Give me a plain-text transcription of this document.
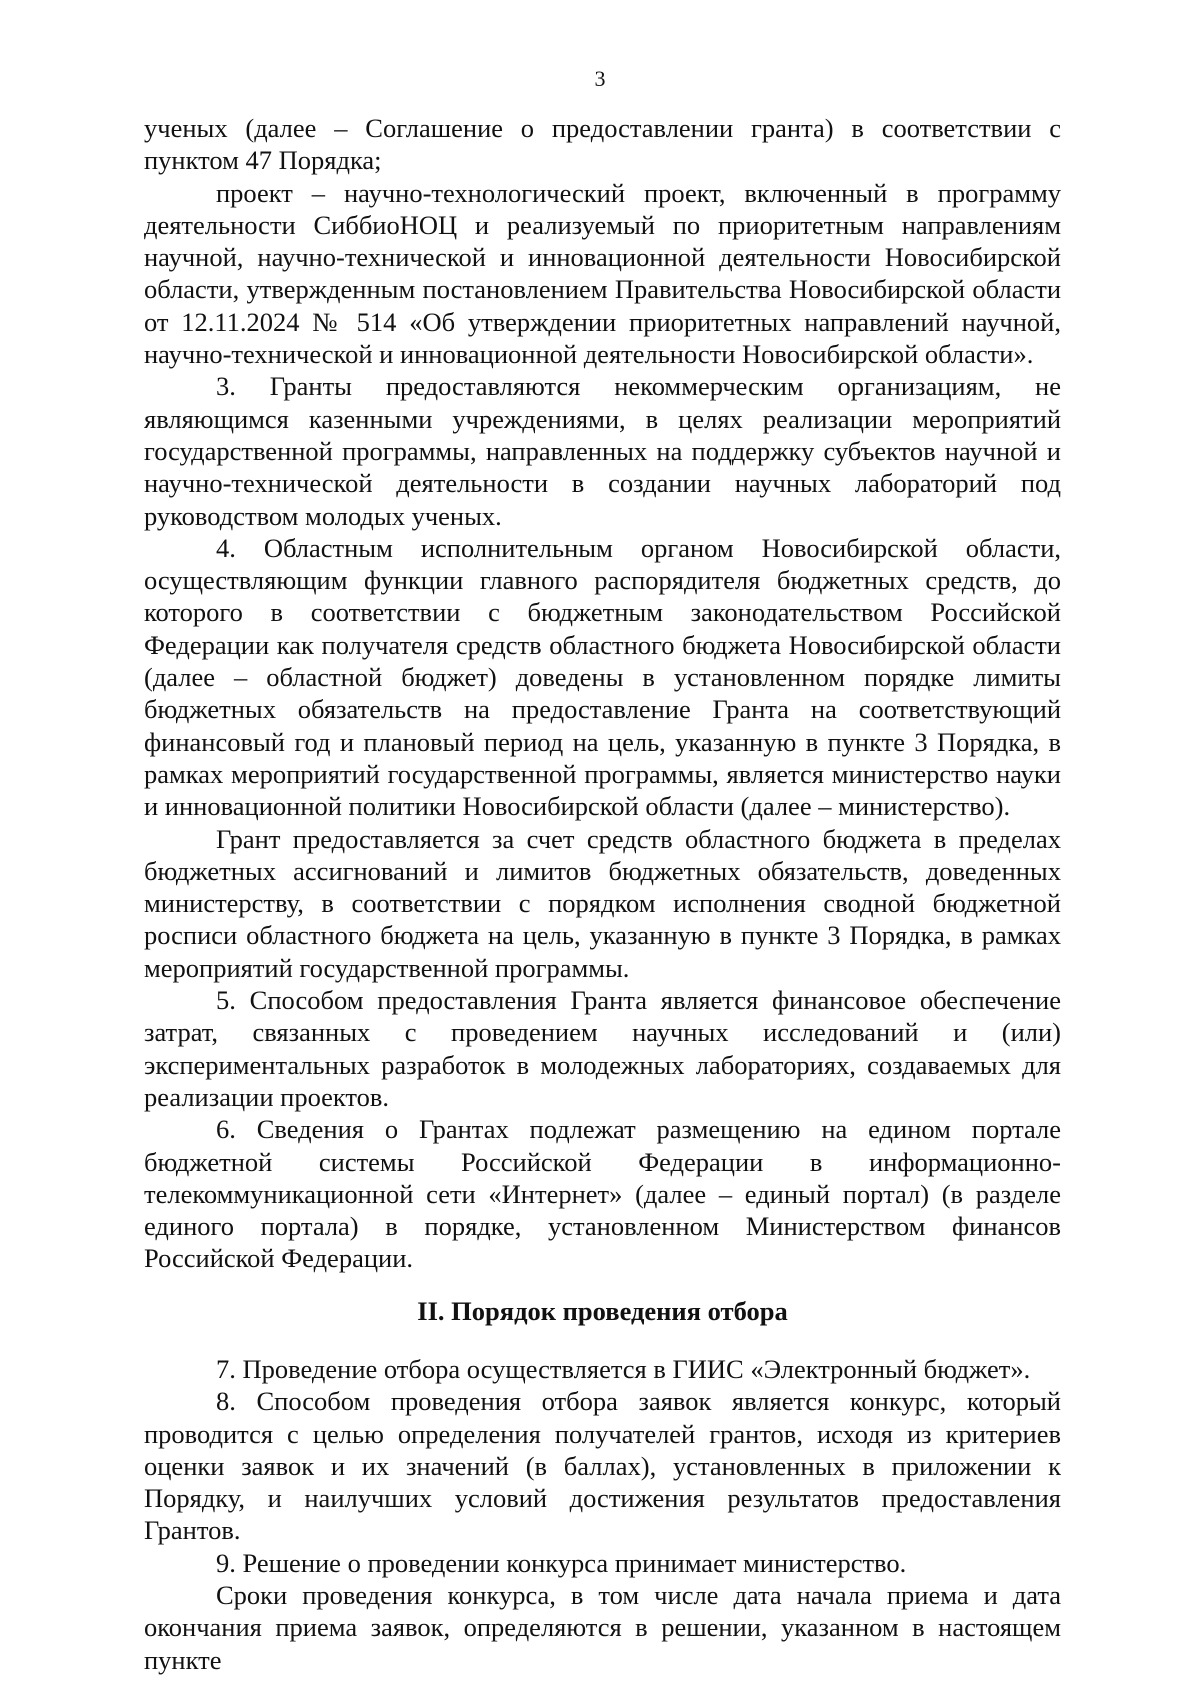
3

ученых (далее – Соглашение о предоставлении гранта) в соответствии с пунктом 47 Порядка;

проект – научно-технологический проект, включенный в программу деятельности СиббиоНОЦ и реализуемый по приоритетным направлениям научной, научно-технической и инновационной деятельности Новосибирской области, утвержденным постановлением Правительства Новосибирской области от 12.11.2024 № 514 «Об утверждении приоритетных направлений научной, научно-технической и инновационной деятельности Новосибирской области».

3. Гранты предоставляются некоммерческим организациям, не являющимся казенными учреждениями, в целях реализации мероприятий государственной программы, направленных на поддержку субъектов научной и научно-технической деятельности в создании научных лабораторий под руководством молодых ученых.

4. Областным исполнительным органом Новосибирской области, осуществляющим функции главного распорядителя бюджетных средств, до которого в соответствии с бюджетным законодательством Российской Федерации как получателя средств областного бюджета Новосибирской области (далее – областной бюджет) доведены в установленном порядке лимиты бюджетных обязательств на предоставление Гранта на соответствующий финансовый год и плановый период на цель, указанную в пункте 3 Порядка, в рамках мероприятий государственной программы, является министерство науки и инновационной политики Новосибирской области (далее – министерство).

Грант предоставляется за счет средств областного бюджета в пределах бюджетных ассигнований и лимитов бюджетных обязательств, доведенных министерству, в соответствии с порядком исполнения сводной бюджетной росписи областного бюджета на цель, указанную в пункте 3 Порядка, в рамках мероприятий государственной программы.

5. Способом предоставления Гранта является финансовое обеспечение затрат, связанных с проведением научных исследований и (или) экспериментальных разработок в молодежных лабораториях, создаваемых для реализации проектов.

6. Сведения о Грантах подлежат размещению на едином портале бюджетной системы Российской Федерации в информационно-телекоммуникационной сети «Интернет» (далее – единый портал) (в разделе единого портала) в порядке, установленном Министерством финансов Российской Федерации.

II. Порядок проведения отбора

7. Проведение отбора осуществляется в ГИИС «Электронный бюджет».

8. Способом проведения отбора заявок является конкурс, который проводится с целью определения получателей грантов, исходя из критериев оценки заявок и их значений (в баллах), установленных в приложении к Порядку, и наилучших условий достижения результатов предоставления Грантов.

9. Решение о проведении конкурса принимает министерство.

Сроки проведения конкурса, в том числе дата начала приема и дата окончания приема заявок, определяются в решении, указанном в настоящем пункте
